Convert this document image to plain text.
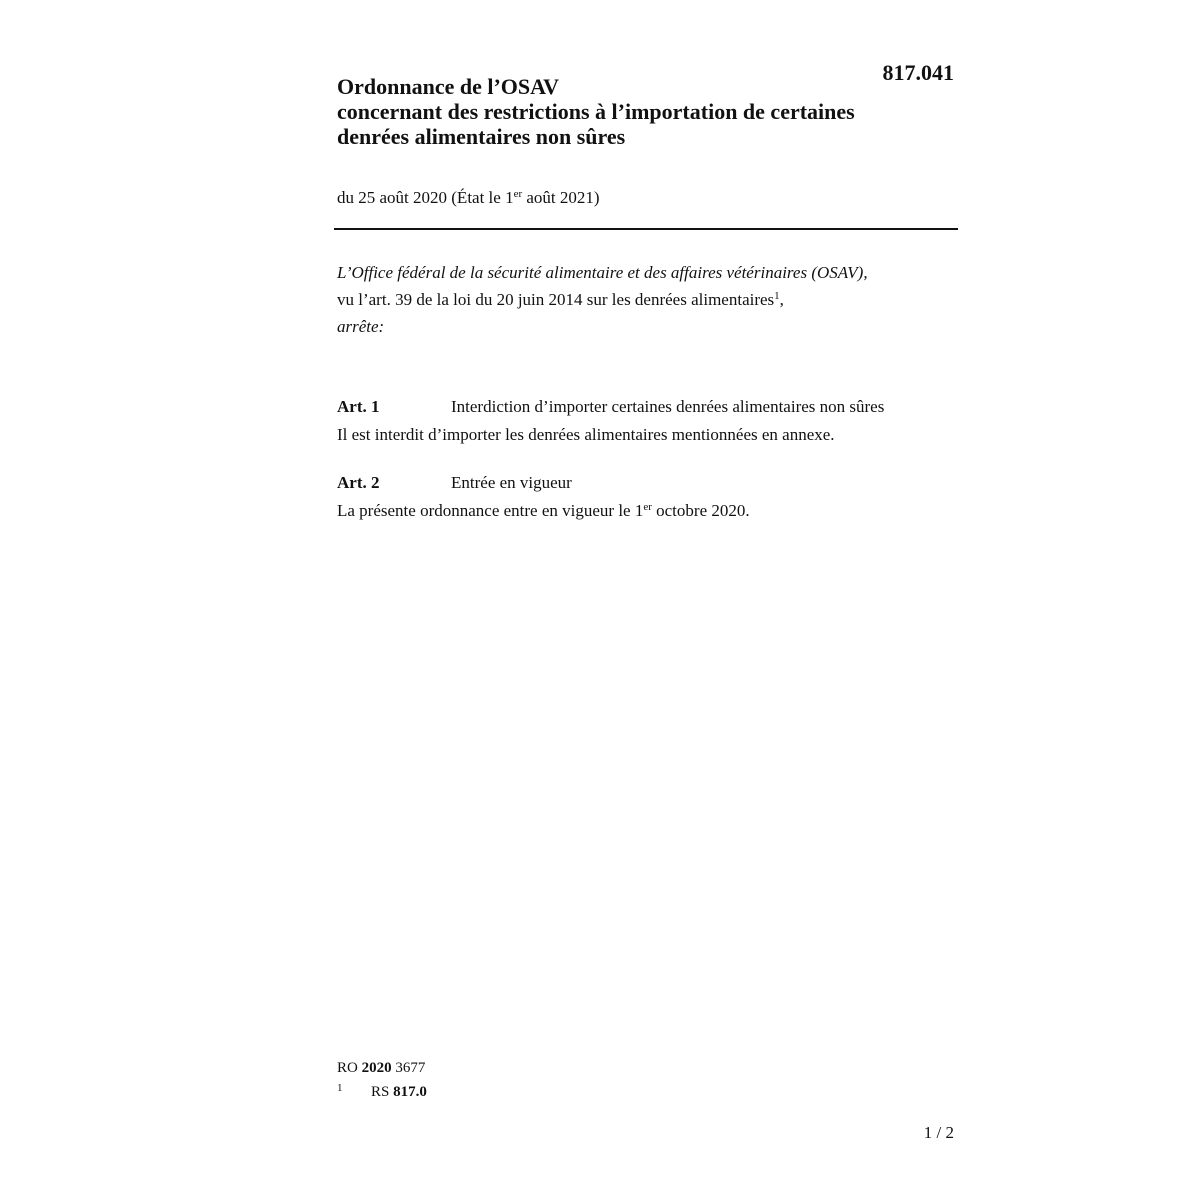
817.041
Ordonnance de l’OSAV
concernant des restrictions à l’importation de certaines
denrées alimentaires non sûres
du 25 août 2020 (État le 1er août 2021)
L’Office fédéral de la sécurité alimentaire et des affaires vétérinaires (OSAV),
vu l’art. 39 de la loi du 20 juin 2014 sur les denrées alimentaires$^1$,
arrête:
Art. 1	Interdiction d’importer certaines denrées alimentaires non sûres
Il est interdit d’importer les denrées alimentaires mentionnées en annexe.
Art. 2	Entrée en vigueur
La présente ordonnance entre en vigueur le 1er octobre 2020.
RO 2020 3677
1 RS 817.0
1 / 2
